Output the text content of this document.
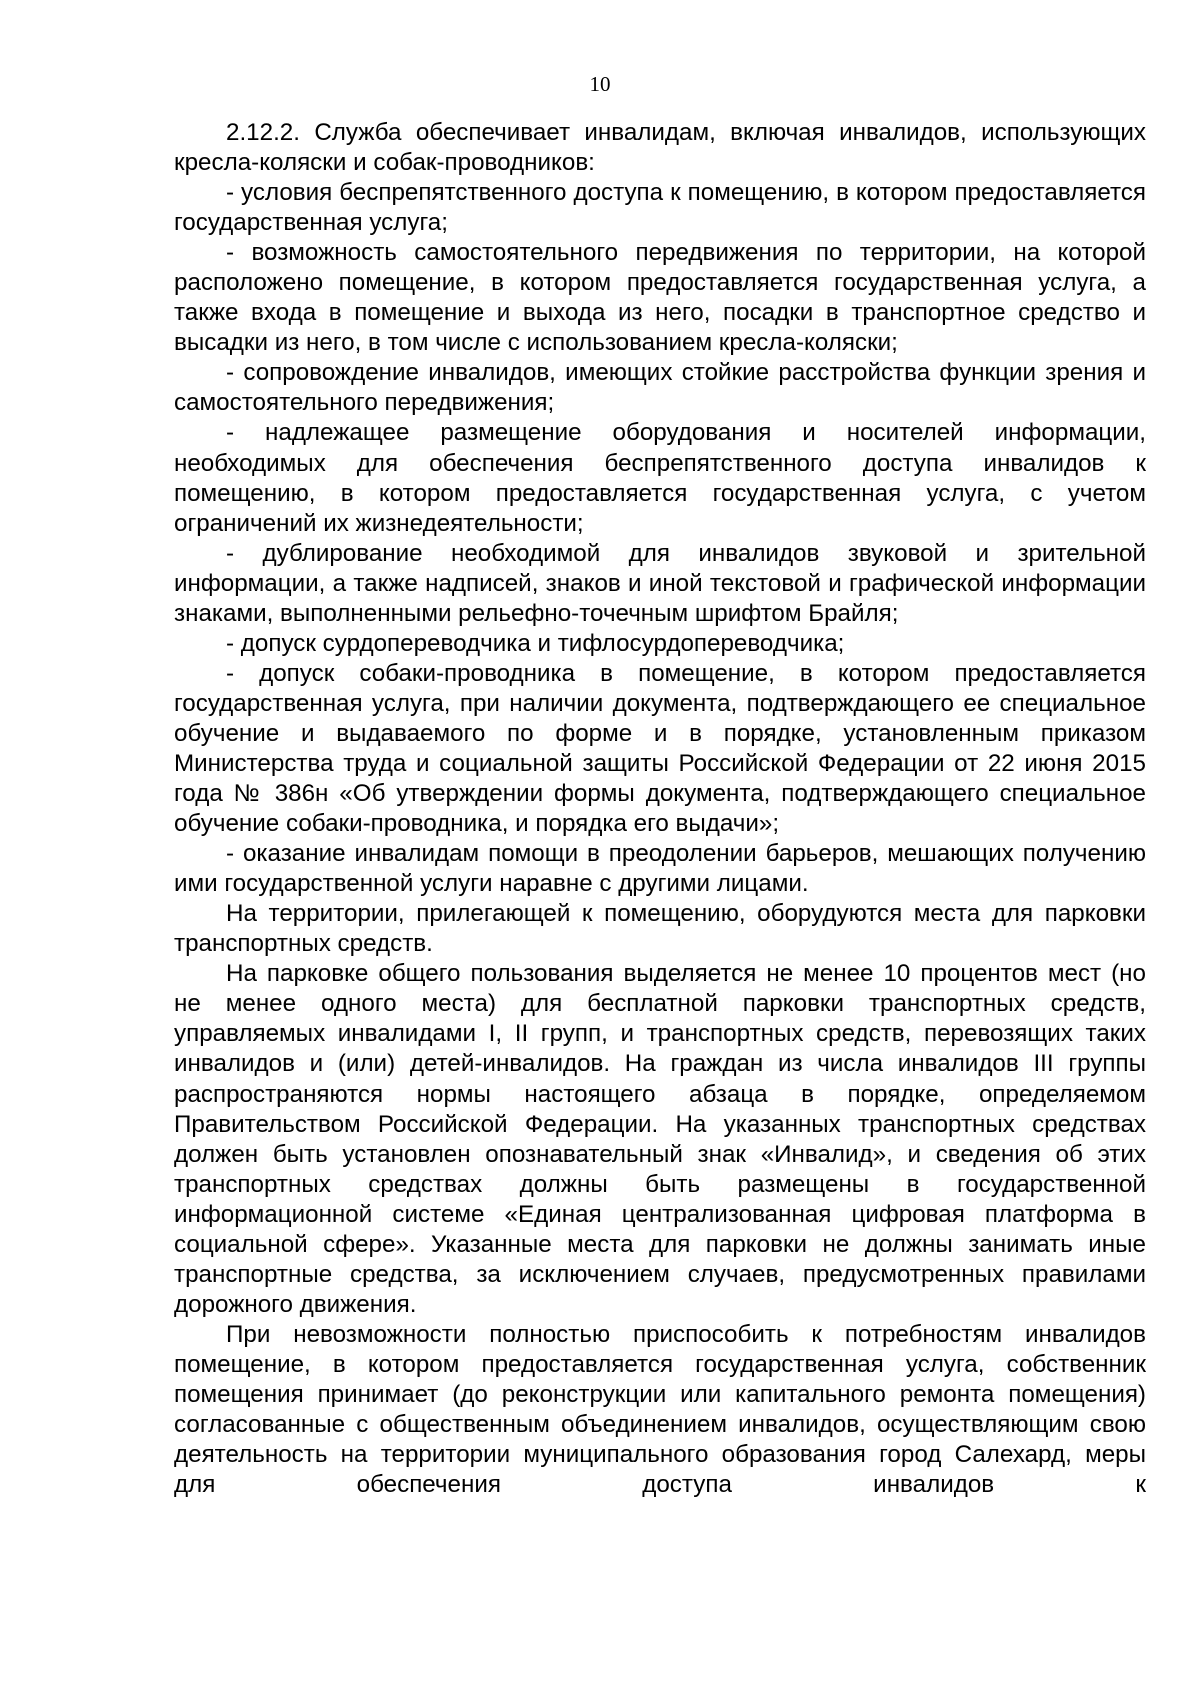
10

2.12.2. Служба обеспечивает инвалидам, включая инвалидов, использующих кресла-коляски и собак-проводников:

- условия беспрепятственного доступа к помещению, в котором предоставляется государственная услуга;

- возможность самостоятельного передвижения по территории, на которой расположено помещение, в котором предоставляется государственная услуга, а также входа в помещение и выхода из него, посадки в транспортное средство и высадки из него, в том числе с использованием кресла-коляски;

- сопровождение инвалидов, имеющих стойкие расстройства функции зрения и самостоятельного передвижения;

- надлежащее размещение оборудования и носителей информации, необходимых для обеспечения беспрепятственного доступа инвалидов к помещению, в котором предоставляется государственная услуга, с учетом ограничений их жизнедеятельности;

- дублирование необходимой для инвалидов звуковой и зрительной информации, а также надписей, знаков и иной текстовой и графической информации знаками, выполненными рельефно-точечным шрифтом Брайля;

- допуск сурдопереводчика и тифлосурдопереводчика;

- допуск собаки-проводника в помещение, в котором предоставляется государственная услуга, при наличии документа, подтверждающего ее специальное обучение и выдаваемого по форме и в порядке, установленным приказом Министерства труда и социальной защиты Российской Федерации от 22 июня 2015 года № 386н «Об утверждении формы документа, подтверждающего специальное обучение собаки-проводника, и порядка его выдачи»;

- оказание инвалидам помощи в преодолении барьеров, мешающих получению ими государственной услуги наравне с другими лицами.

На территории, прилегающей к помещению, оборудуются места для парковки транспортных средств.

На парковке общего пользования выделяется не менее 10 процентов мест (но не менее одного места) для бесплатной парковки транспортных средств, управляемых инвалидами I, II групп, и транспортных средств, перевозящих таких инвалидов и (или) детей-инвалидов. На граждан из числа инвалидов III группы распространяются нормы настоящего абзаца в порядке, определяемом Правительством Российской Федерации. На указанных транспортных средствах должен быть установлен опознавательный знак «Инвалид», и сведения об этих транспортных средствах должны быть размещены в государственной информационной системе «Единая централизованная цифровая платформа в социальной сфере». Указанные места для парковки не должны занимать иные транспортные средства, за исключением случаев, предусмотренных правилами дорожного движения.

При невозможности полностью приспособить к потребностям инвалидов помещение, в котором предоставляется государственная услуга, собственник помещения принимает (до реконструкции или капитального ремонта помещения) согласованные с общественным объединением инвалидов, осуществляющим свою деятельность на территории муниципального образования город Салехард, меры для обеспечения доступа инвалидов к
